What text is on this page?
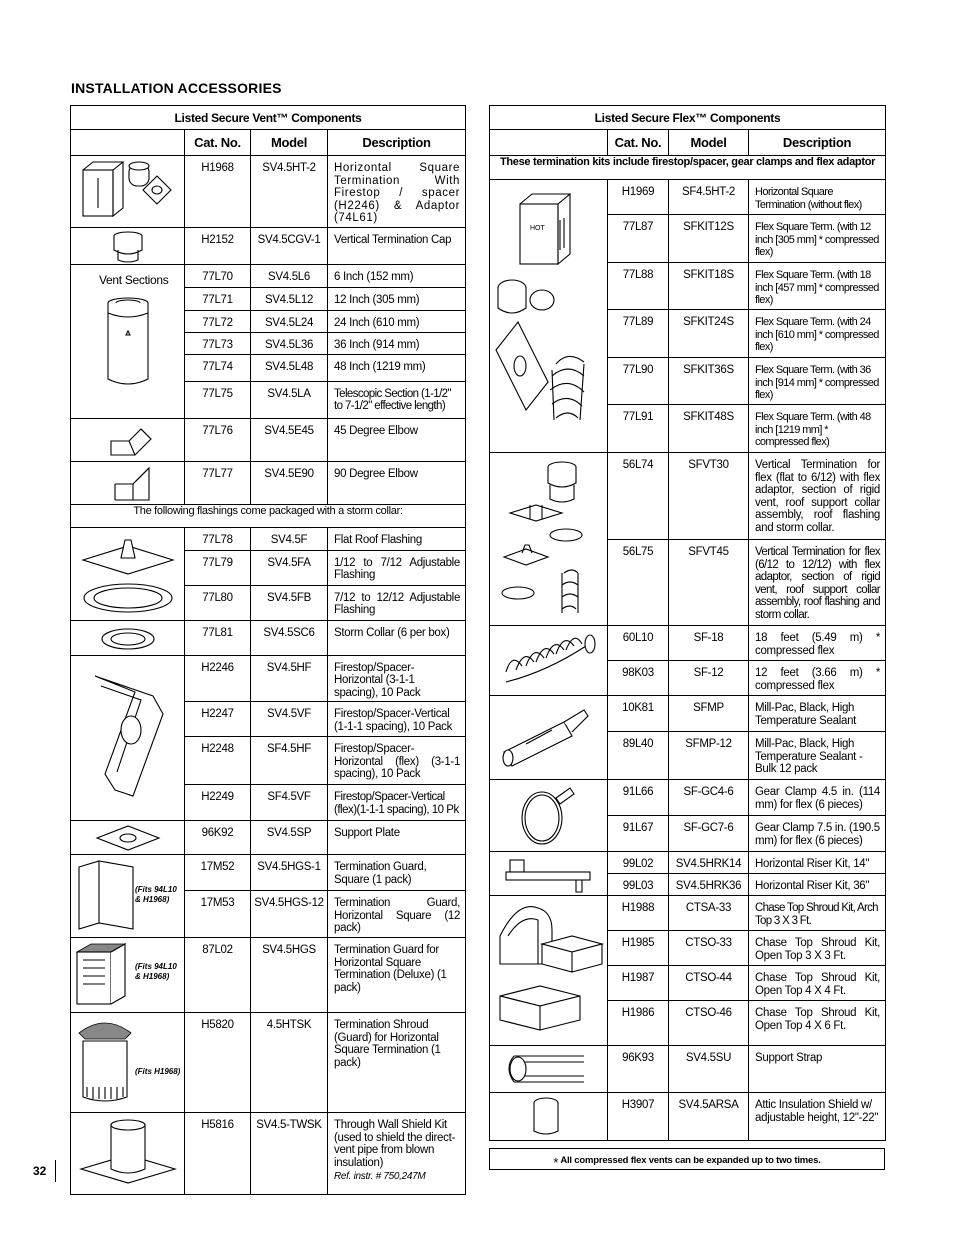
INSTALLATION ACCESSORIES
32
Listed Secure Vent™ Components			
	Cat. No.	Model	Description

	H1968	SV4.5HT-2	Horizontal Square Termination With Firestop / spacer (H2246) & Adaptor (74L61)

	H2152	SV4.5CGV-1	Vertical Termination Cap

Vent Sections	77L70	SV4.5L6	6 Inch (152 mm)
	77L71	SV4.5L12	12 Inch (305 mm)
	77L72	SV4.5L24	24 Inch (610 mm)
	77L73	SV4.5L36	36 Inch (914 mm)
	77L74	SV4.5L48	48 Inch (1219 mm)
	77L75	SV4.5LA	Telescopic Section (1-1/2" to 7-1/2" effective length)

	77L76	SV4.5E45	45 Degree Elbow

	77L77	SV4.5E90	90 Degree Elbow
The following flashings come packaged with a storm collar:			

	77L78	SV4.5F	Flat Roof Flashing
	77L79	SV4.5FA	1/12 to 7/12 Adjustable Flashing
	77L80	SV4.5FB	7/12 to 12/12 Adjustable Flashing

	77L81	SV4.5SC6	Storm Collar (6 per box)

	H2246	SV4.5HF	Firestop/Spacer-Horizontal (3-1-1 spacing), 10 Pack
	H2247	SV4.5VF	Firestop/Spacer-Vertical (1-1-1 spacing), 10 Pack
	H2248	SF4.5HF	Firestop/Spacer-Horizontal (flex) (3-1-1 spacing), 10 Pack
	H2249	SF4.5VF	Firestop/Spacer-Vertical (flex)(1-1-1 spacing), 10 Pk

	96K92	SV4.5SP	Support Plate

(Fits 94L10 & H1968)	17M52	SV4.5HGS-1	Termination Guard, Square (1 pack)
	17M53	SV4.5HGS-12	Termination Guard, Horizontal Square (12 pack)

(Fits 94L10 & H1968)	87L02	SV4.5HGS	Termination Guard for Horizontal Square Termination (Deluxe) (1 pack)

(Fits H1968)	H5820	4.5HTSK	Termination Shroud (Guard) for Horizontal Square Termination (1 pack)

	H5816	SV4.5-TWSK	Through Wall Shield Kit (used to shield the direct-vent pipe from blown insulation)
Ref. instr. # 750,247M
Listed Secure Flex™ Components			
	Cat. No.	Model	Description
These termination kits include firestop/spacer, gear clamps and flex adaptor			

HOT	H1969	SF4.5HT-2	Horizontal Square Termination (without flex)
	77L87	SFKIT12S	Flex Square Term. (with 12 inch [305 mm] * compressed flex)
	77L88	SFKIT18S	Flex Square Term. (with 18 inch [457 mm] * compressed flex)
	77L89	SFKIT24S	Flex Square Term. (with 24 inch [610 mm] * compressed flex)
	77L90	SFKIT36S	Flex Square Term. (with 36 inch [914 mm] * compressed flex)
	77L91	SFKIT48S	Flex Square Term. (with 48 inch [1219 mm] * compressed flex)

	56L74	SFVT30	Vertical Termination for flex (flat to 6/12) with flex adaptor, section of rigid vent, roof support collar assembly, roof flashing and storm collar.
	56L75	SFVT45	Vertical Termination for flex (6/12 to 12/12) with flex adaptor, section of rigid vent, roof support collar assembly, roof flashing and storm collar.

	60L10	SF-18	18 feet (5.49 m) * compressed flex
	98K03	SF-12	12 feet (3.66 m) * compressed flex

	10K81	SFMP	Mill-Pac, Black, High Temperature Sealant
	89L40	SFMP-12	Mill-Pac, Black, High Temperature Sealant - Bulk 12 pack

	91L66	SF-GC4-6	Gear Clamp 4.5 in. (114 mm) for flex (6 pieces)
	91L67	SF-GC7-6	Gear Clamp 7.5 in. (190.5 mm) for flex (6 pieces)

	99L02	SV4.5HRK14	Horizontal Riser Kit, 14"
	99L03	SV4.5HRK36	Horizontal Riser Kit, 36"

	H1988	CTSA-33	Chase Top Shroud Kit, Arch Top 3 X 3 Ft.
	H1985	CTSO-33	Chase Top Shroud Kit, Open Top 3 X 3 Ft.
	H1987	CTSO-44	Chase Top Shroud Kit, Open Top 4 X 4 Ft.
	H1986	CTSO-46	Chase Top Shroud Kit, Open Top 4 X 6 Ft.

	96K93	SV4.5SU	Support Strap

	H3907	SV4.5ARSA	Attic Insulation Shield w/ adjustable height, 12"-22"
* All compressed flex vents can be expanded up to two times.
